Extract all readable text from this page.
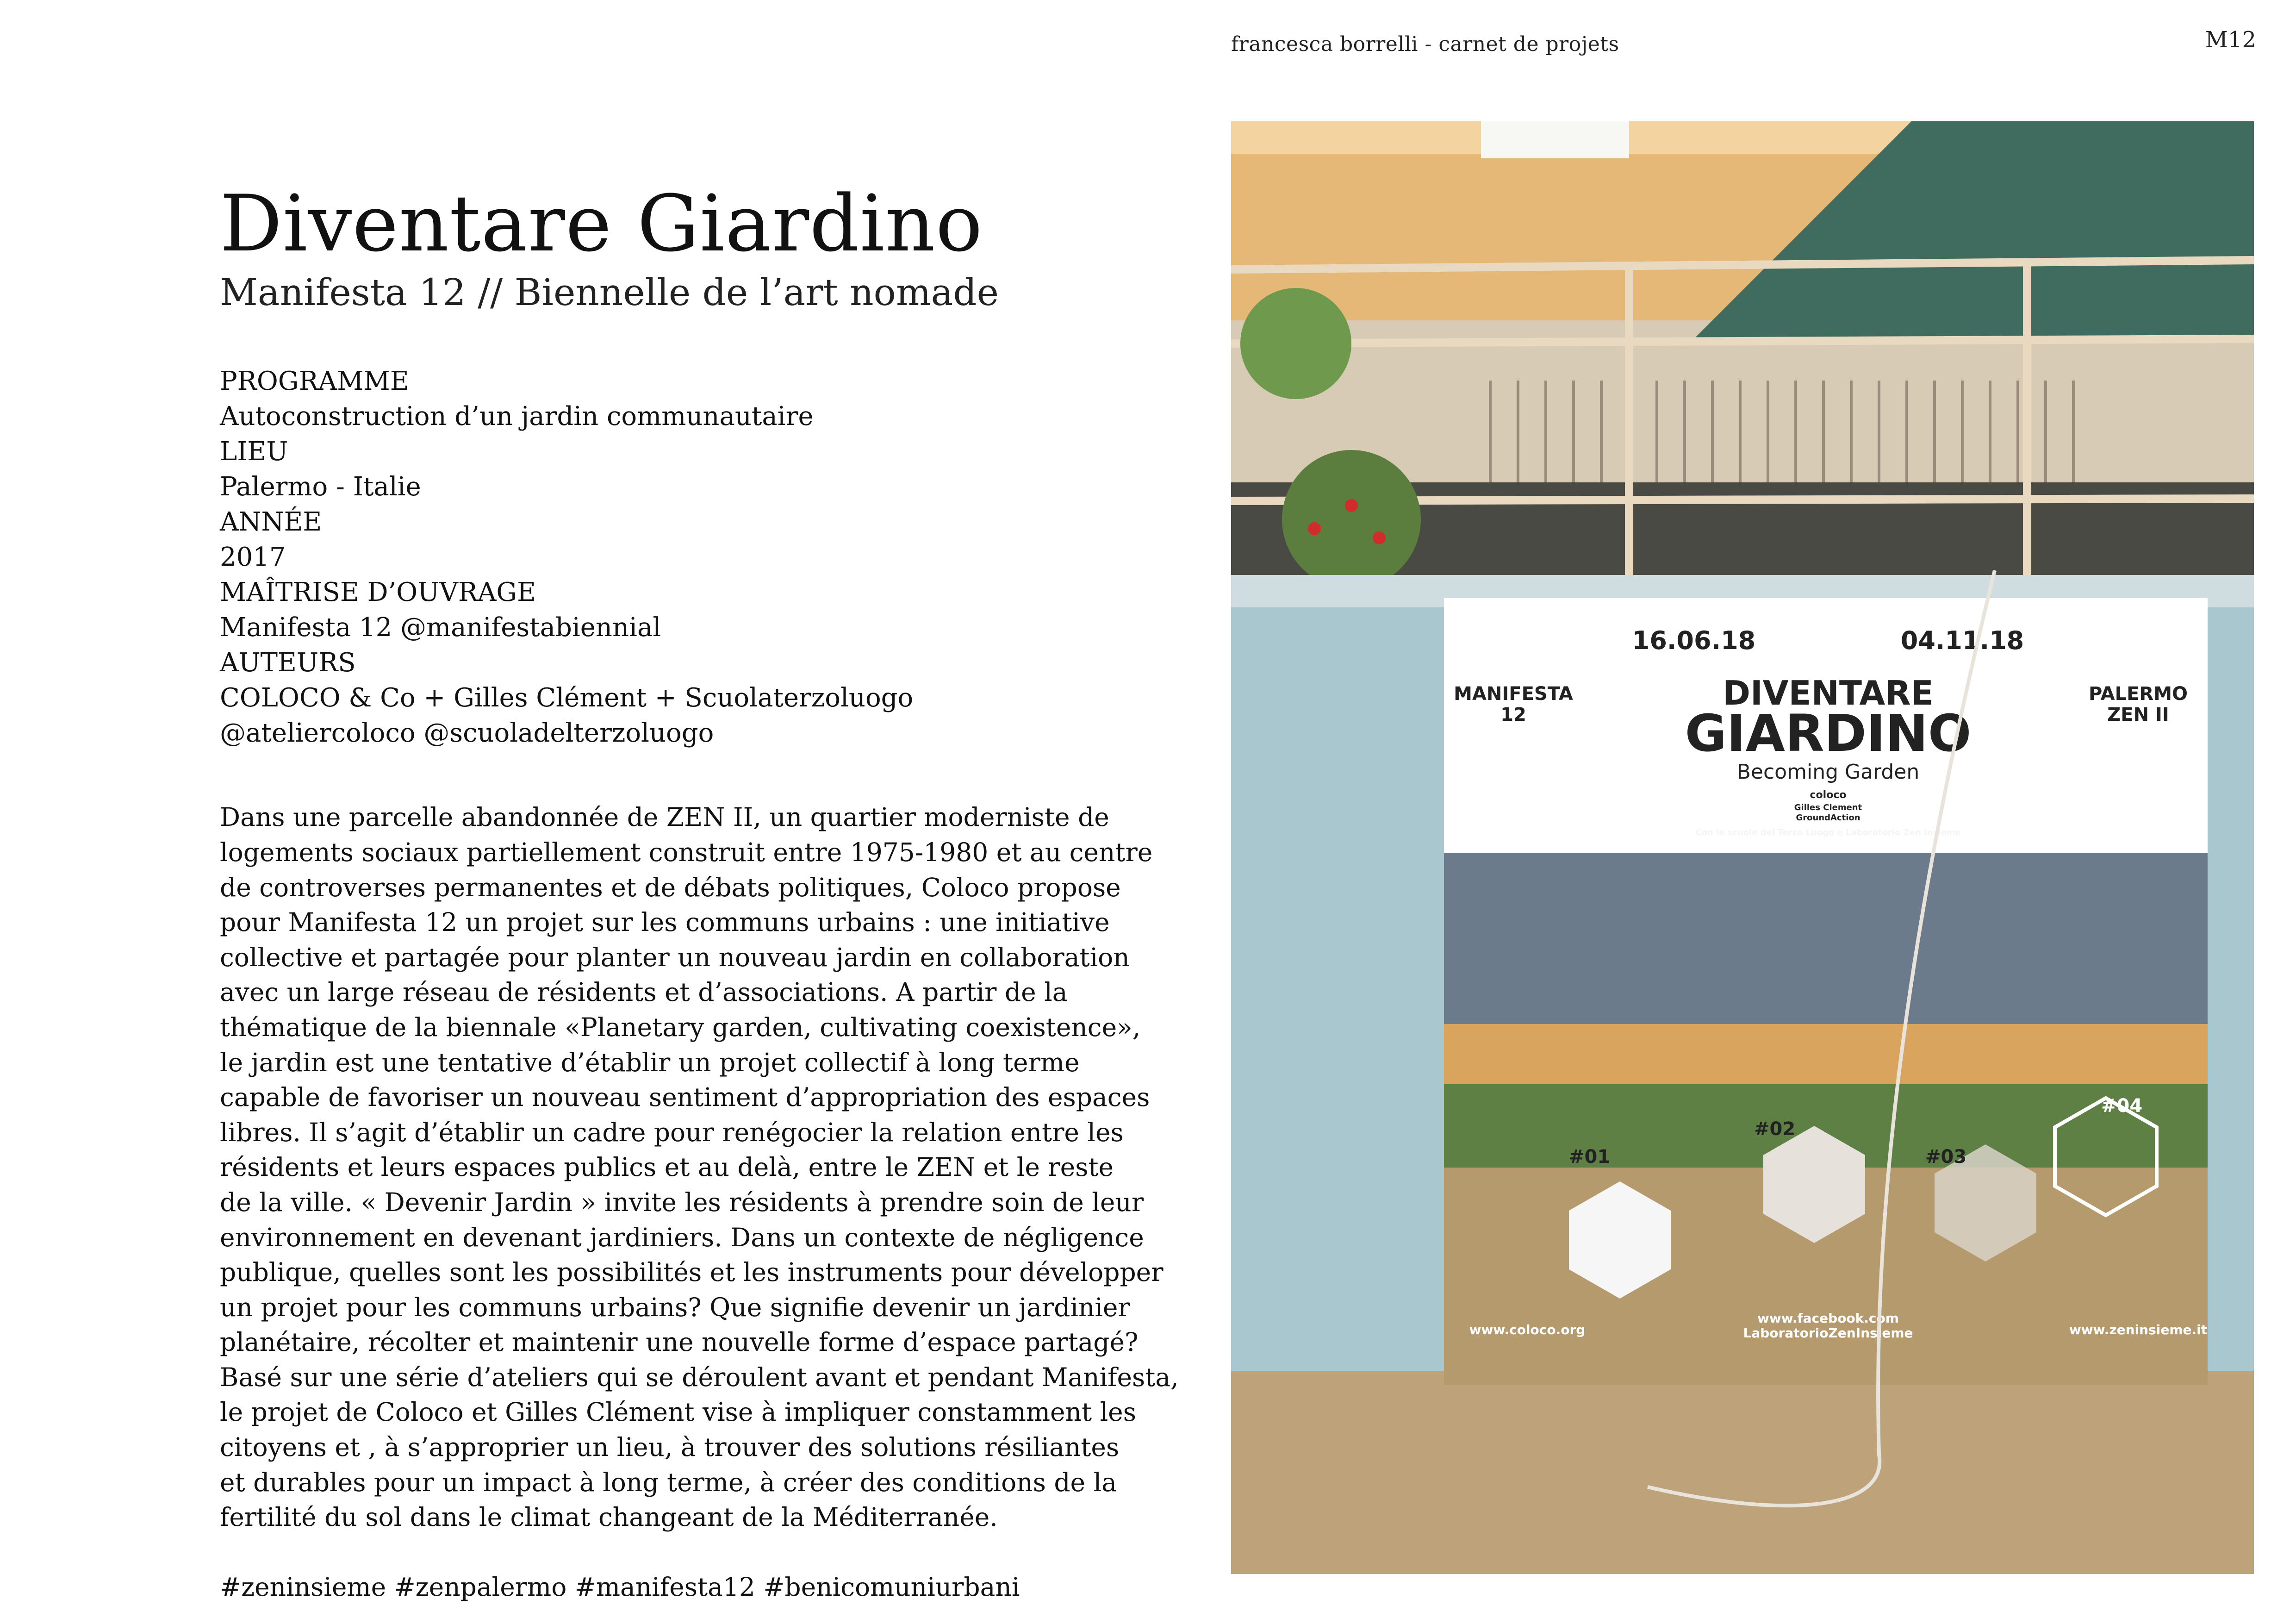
francesca borrelli - carnet de projets	M12
Diventare Giardino
Manifesta 12 // Biennelle de l’art nomade
PROGRAMME
Autoconstruction d’un jardin communautaire
LIEU
Palermo - Italie
ANNÉE
2017
MAÎTRISE D’OUVRAGE
Manifesta 12 @manifestabiennial
AUTEURS
COLOCO & Co + Gilles Clément + Scuolaterzoluogo
@ateliercoloco @scuoladelterzoluogo
Dans une parcelle abandonnée de ZEN II, un quartier moderniste de
logements sociaux partiellement construit entre 1975-1980 et au centre
de controverses permanentes et de débats politiques, Coloco propose
pour Manifesta 12 un projet sur les communs urbains : une initiative
collective et partagée pour planter un nouveau jardin en collaboration
avec un large réseau de résidents et d’associations. A partir de la
thématique de la biennale «Planetary garden, cultivating coexistence»,
le jardin est une tentative d’établir un projet collectif à long terme
capable de favoriser un nouveau sentiment d’appropriation des espaces
libres. Il s’agit d’établir un cadre pour renégocier la relation entre les
résidents et leurs espaces publics et au delà, entre le ZEN et le reste
de la ville. « Devenir Jardin » invite les résidents à prendre soin de leur
environnement en devenant jardiniers. Dans un contexte de négligence
publique, quelles sont les possibilités et les instruments pour développer
un projet pour les communs urbains? Que signifie devenir un jardinier
planétaire, récolter et maintenir une nouvelle forme d’espace partagé?
Basé sur une série d’ateliers qui se déroulent avant et pendant Manifesta,
le projet de Coloco et Gilles Clément vise à impliquer constamment les
citoyens et , à s’approprier un lieu, à trouver des solutions résiliantes
et durables pour un impact à long terme, à créer des conditions de la
fertilité du sol dans le climat changeant de la Méditerranée.
#zeninsieme #zenpalermo #manifesta12 #benicomuniurbani
16.06.18	04.11.18
MANIFESTA
12
PALERMO
ZEN II
DIVENTARE
GIARDINO
Becoming Garden
coloco
Gilles Clement
GroundAction
Con le scuole del Terzo Luogo e Laboratorio Zen Insieme
#01
#02
#03
#04
www.coloco.org
www.facebook.com
LaboratorioZenInsieme	www.zeninsieme.it
